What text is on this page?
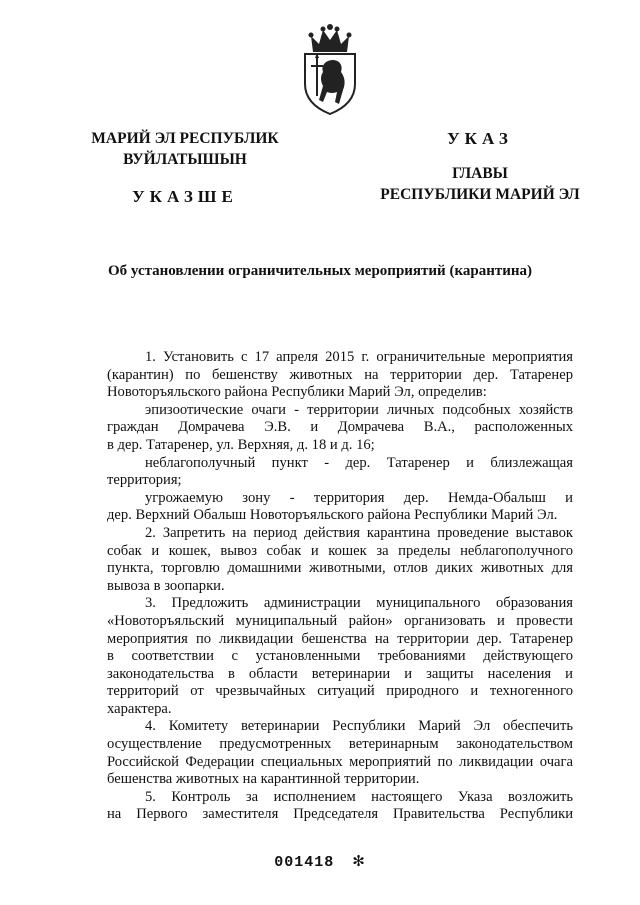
МАРИЙ ЭЛ РЕСПУБЛИК
ВУЙЛАТЫШЫН
УКАЗШЕ
УКАЗ
ГЛАВЫ
РЕСПУБЛИКИ МАРИЙ ЭЛ
Об установлении ограничительных мероприятий (карантина)

1. Установить с 17 апреля 2015 г. ограничительные мероприятия

(карантин) по бешенству животных на территории дер. Татаренер

Новоторъяльского района Республики Марий Эл, определив:

эпизоотические очаги - территории личных подсобных хозяйств

граждан Домрачева Э.В. и Домрачева В.А., расположенных

в дер. Татаренер, ул. Верхняя, д. 18 и д. 16;

неблагополучный пункт - дер. Татаренер и близлежащая

территория;

угрожаемую зону - территория дер. Немда-Обалыш и

дер. Верхний Обалыш Новоторъяльского района Республики Марий Эл.

2. Запретить на период действия карантина проведение выставок

собак и кошек, вывоз собак и кошек за пределы неблагополучного

пункта, торговлю домашними животными, отлов диких животных для

вывоза в зоопарки.

3. Предложить администрации муниципального образования

«Новоторъяльский муниципальный район» организовать и провести

мероприятия по ликвидации бешенства на территории дер. Татаренер

в соответствии с установленными требованиями действующего

законодательства в области ветеринарии и защиты населения и

территорий от чрезвычайных ситуаций природного и техногенного

характера.

4. Комитету ветеринарии Республики Марий Эл обеспечить

осуществление предусмотренных ветеринарным законодательством

Российской Федерации специальных мероприятий по ликвидации очага

бешенства животных на карантинной территории.

5. Контроль за исполнением настоящего Указа возложить

на Первого заместителя Председателя Правительства Республики

001418 ✻
